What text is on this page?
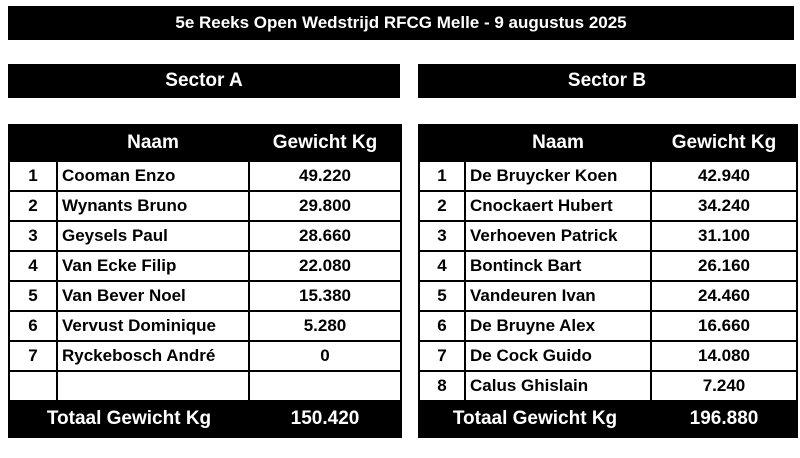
5e Reeks Open Wedstrijd RFCG Melle - 9 augustus 2025
Sector A
	Naam	Gewicht Kg
1	Cooman Enzo	49.220
2	Wynants Bruno	29.800
3	Geysels Paul	28.660
4	Van Ecke Filip	22.080
5	Van Bever Noel	15.380
6	Vervust Dominique	5.280
7	Ryckebosch André	0

Totaal Gewicht Kg		150.420
Sector B
	Naam	Gewicht Kg
1	De Bruycker Koen	42.940
2	Cnockaert Hubert	34.240
3	Verhoeven Patrick	31.100
4	Bontinck Bart	26.160
5	Vandeuren Ivan	24.460
6	De Bruyne Alex	16.660
7	De Cock Guido	14.080
8	Calus Ghislain	7.240
Totaal Gewicht Kg		196.880
